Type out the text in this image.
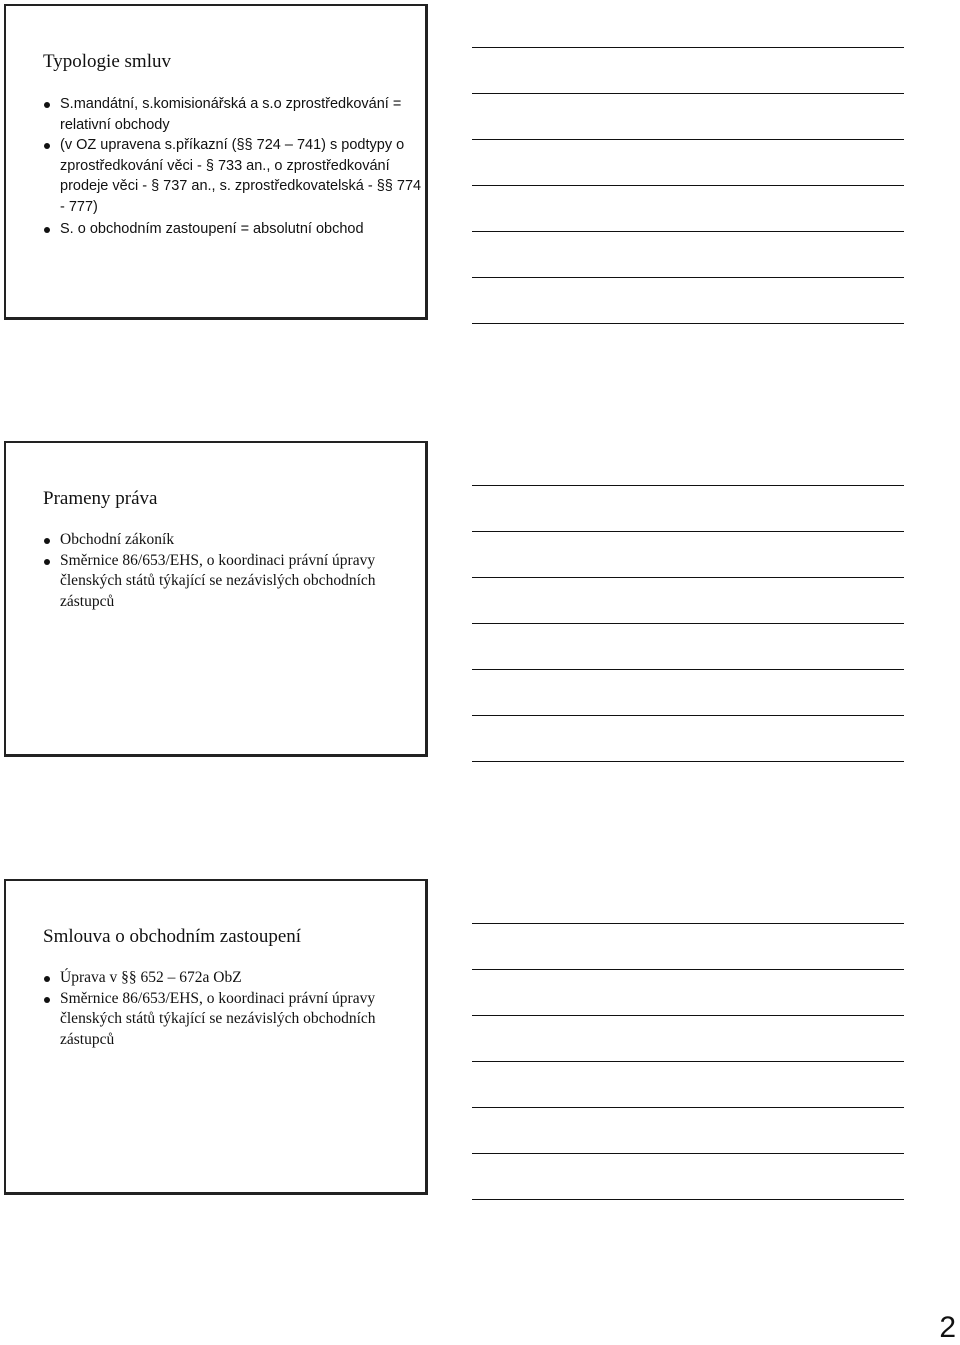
Typologie smluv
S.mandátní, s.komisionářská a s.o zprostředkování = relativní obchody
(v OZ upravena s.příkazní (§§ 724 – 741) s podtypy o zprostředkování věci - § 733 an., o zprostředkování prodeje věci - § 737 an., s. zprostředkovatelská - §§ 774 - 777)
S. o obchodním zastoupení = absolutní obchod
Prameny práva
Obchodní zákoník
Směrnice 86/653/EHS, o koordinaci právní úpravy členských států týkající se nezávislých obchodních zástupců
Smlouva o obchodním zastoupení
Úprava v §§ 652 – 672a ObZ
Směrnice 86/653/EHS, o koordinaci právní úpravy členských států týkající se nezávislých obchodních zástupců
2
